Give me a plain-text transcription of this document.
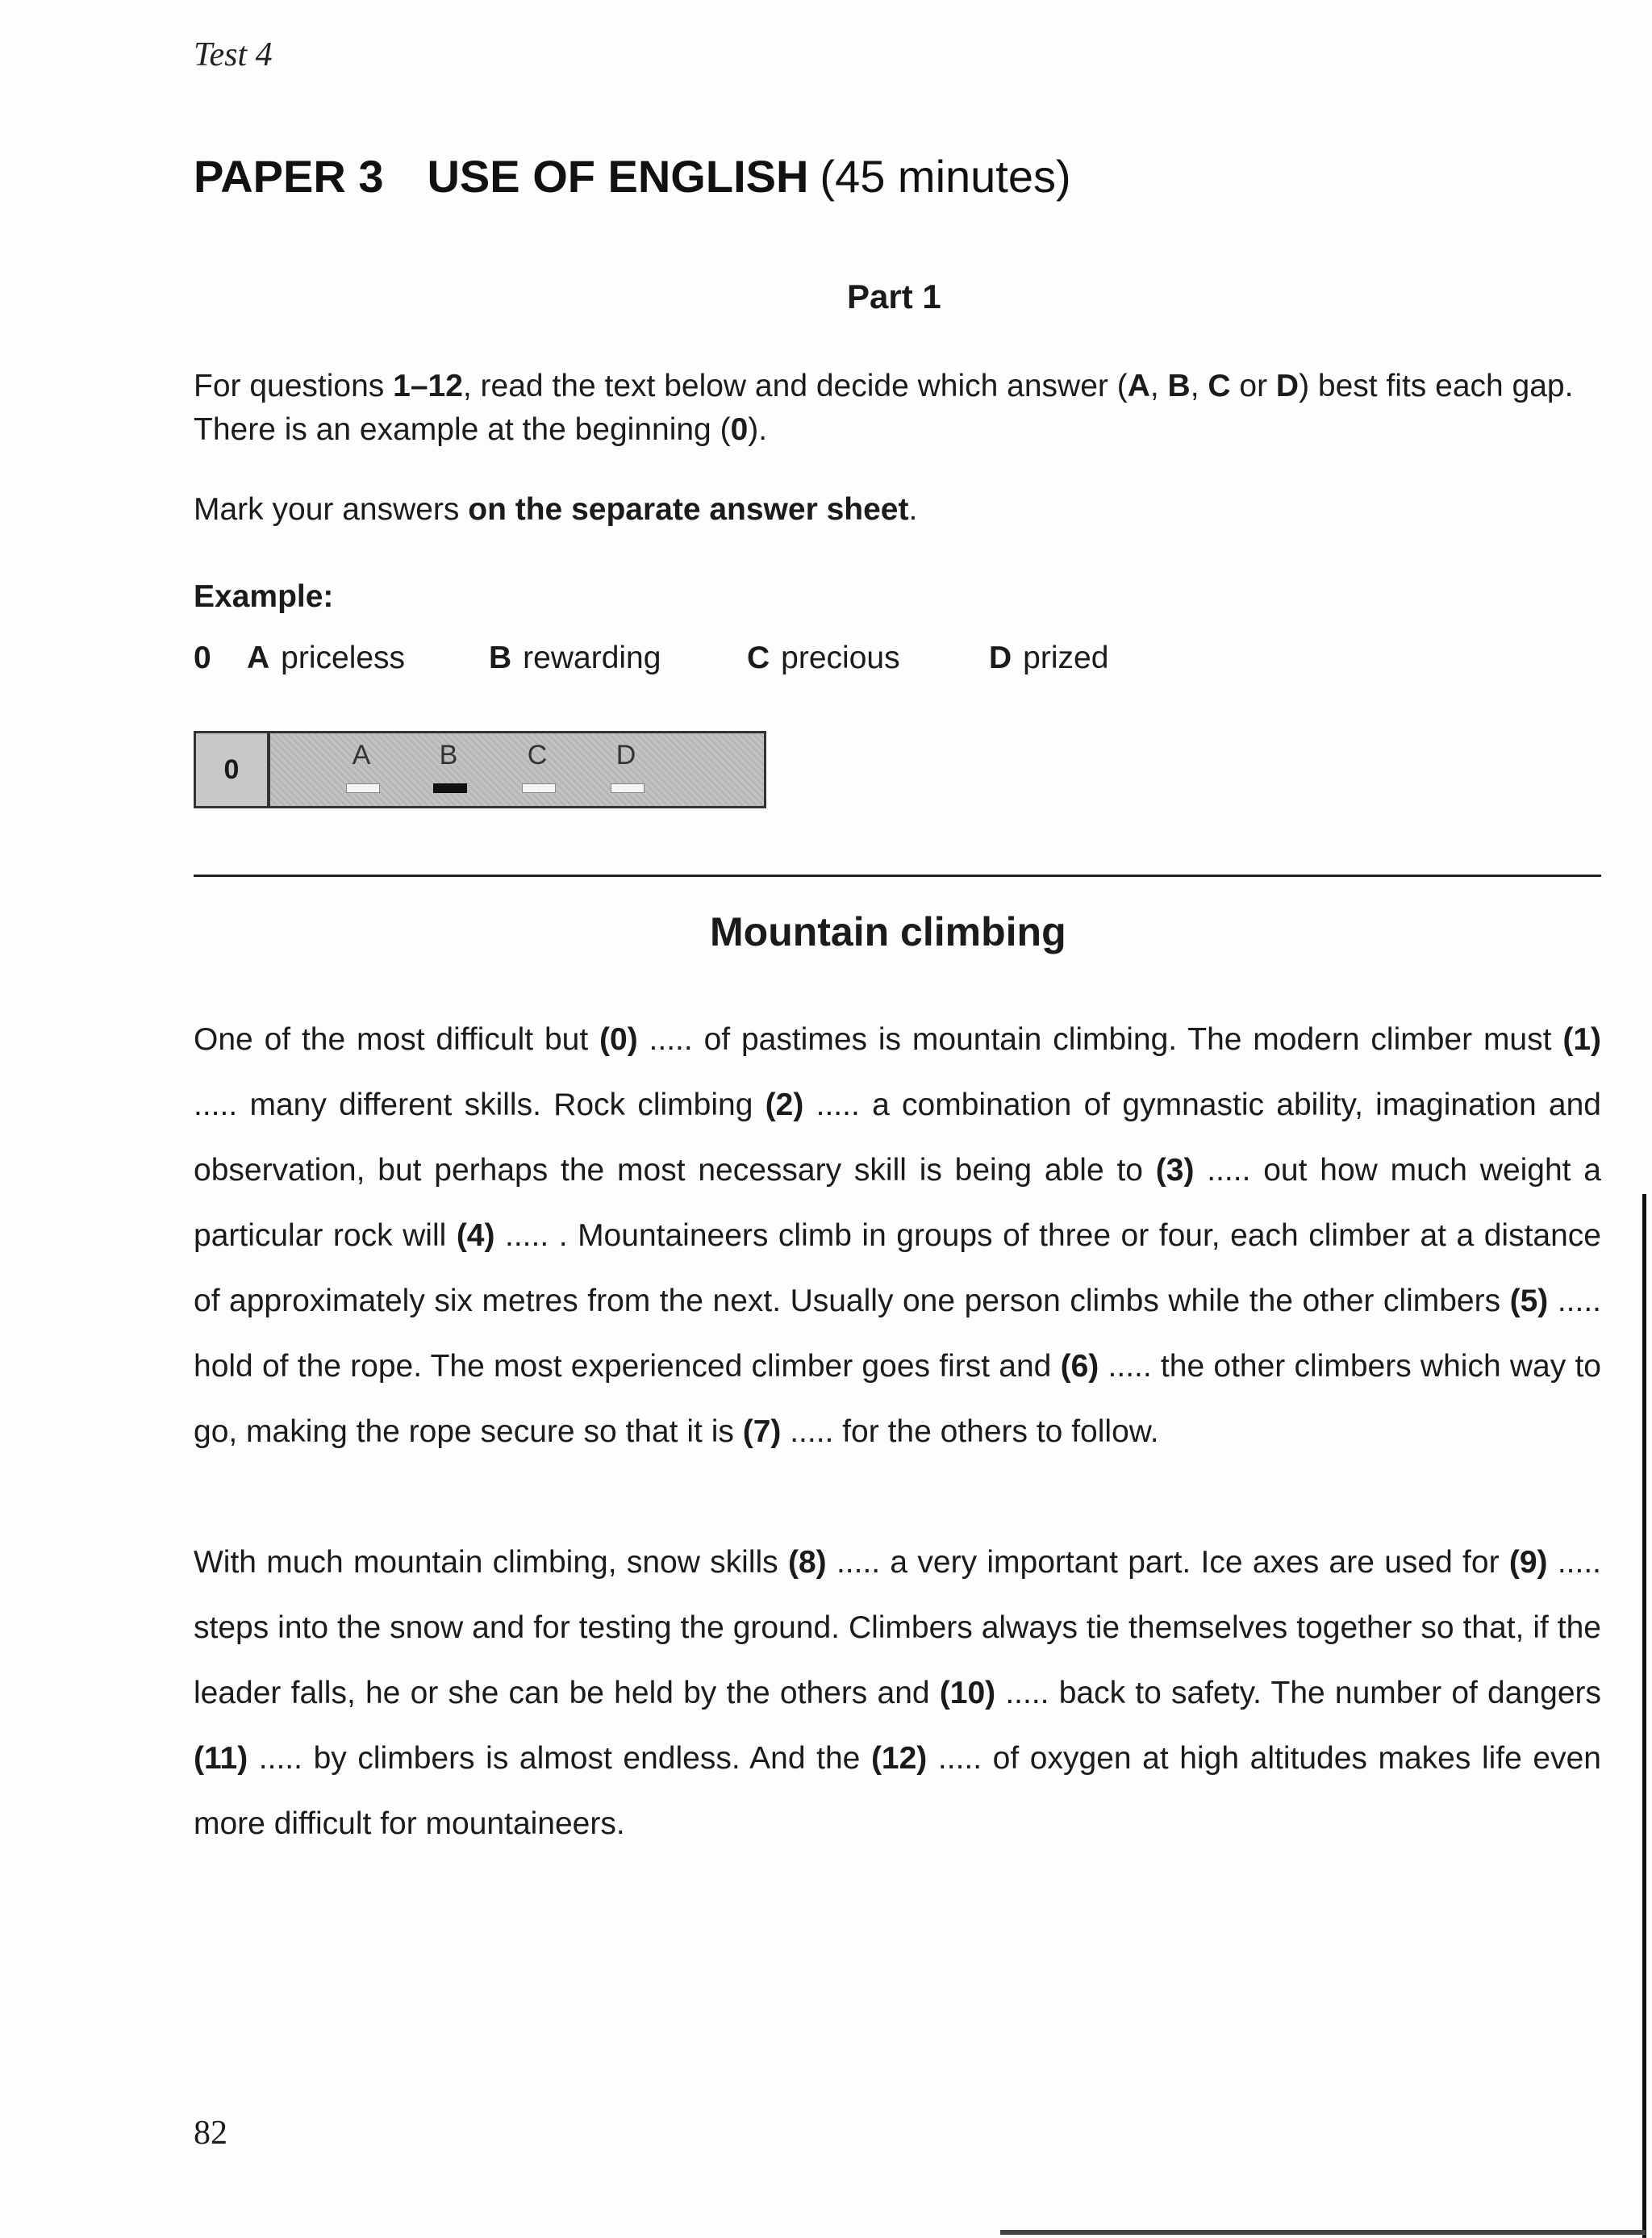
Test 4
PAPER 3 USE OF ENGLISH (45 minutes)
Part 1
For questions 1–12, read the text below and decide which answer (A, B, C or D) best fits each gap.
There is an example at the beginning (0).
Mark your answers on the separate answer sheet.
Example:
0 A priceless	B rewarding	C precious	D prized
0	A	B	C	D
Mountain climbing
One of the most difficult but (0) ..... of pastimes is mountain climbing. The modern climber must (1) ..... many different skills. Rock climbing (2) ..... a combination of gymnastic ability, imagination and observation, but perhaps the most necessary skill is being able to (3) ..... out how much weight a particular rock will (4) ..... . Mountaineers climb in groups of three or four, each climber at a distance of approximately six metres from the next. Usually one person climbs while the other climbers (5) ..... hold of the rope. The most experienced climber goes first and (6) ..... the other climbers which way to go, making the rope secure so that it is (7) ..... for the others to follow.
With much mountain climbing, snow skills (8) ..... a very important part. Ice axes are used for (9) ..... steps into the snow and for testing the ground. Climbers always tie themselves together so that, if the leader falls, he or she can be held by the others and (10) ..... back to safety. The number of dangers (11) ..... by climbers is almost endless. And the (12) ..... of oxygen at high altitudes makes life even more difficult for mountaineers.
82
